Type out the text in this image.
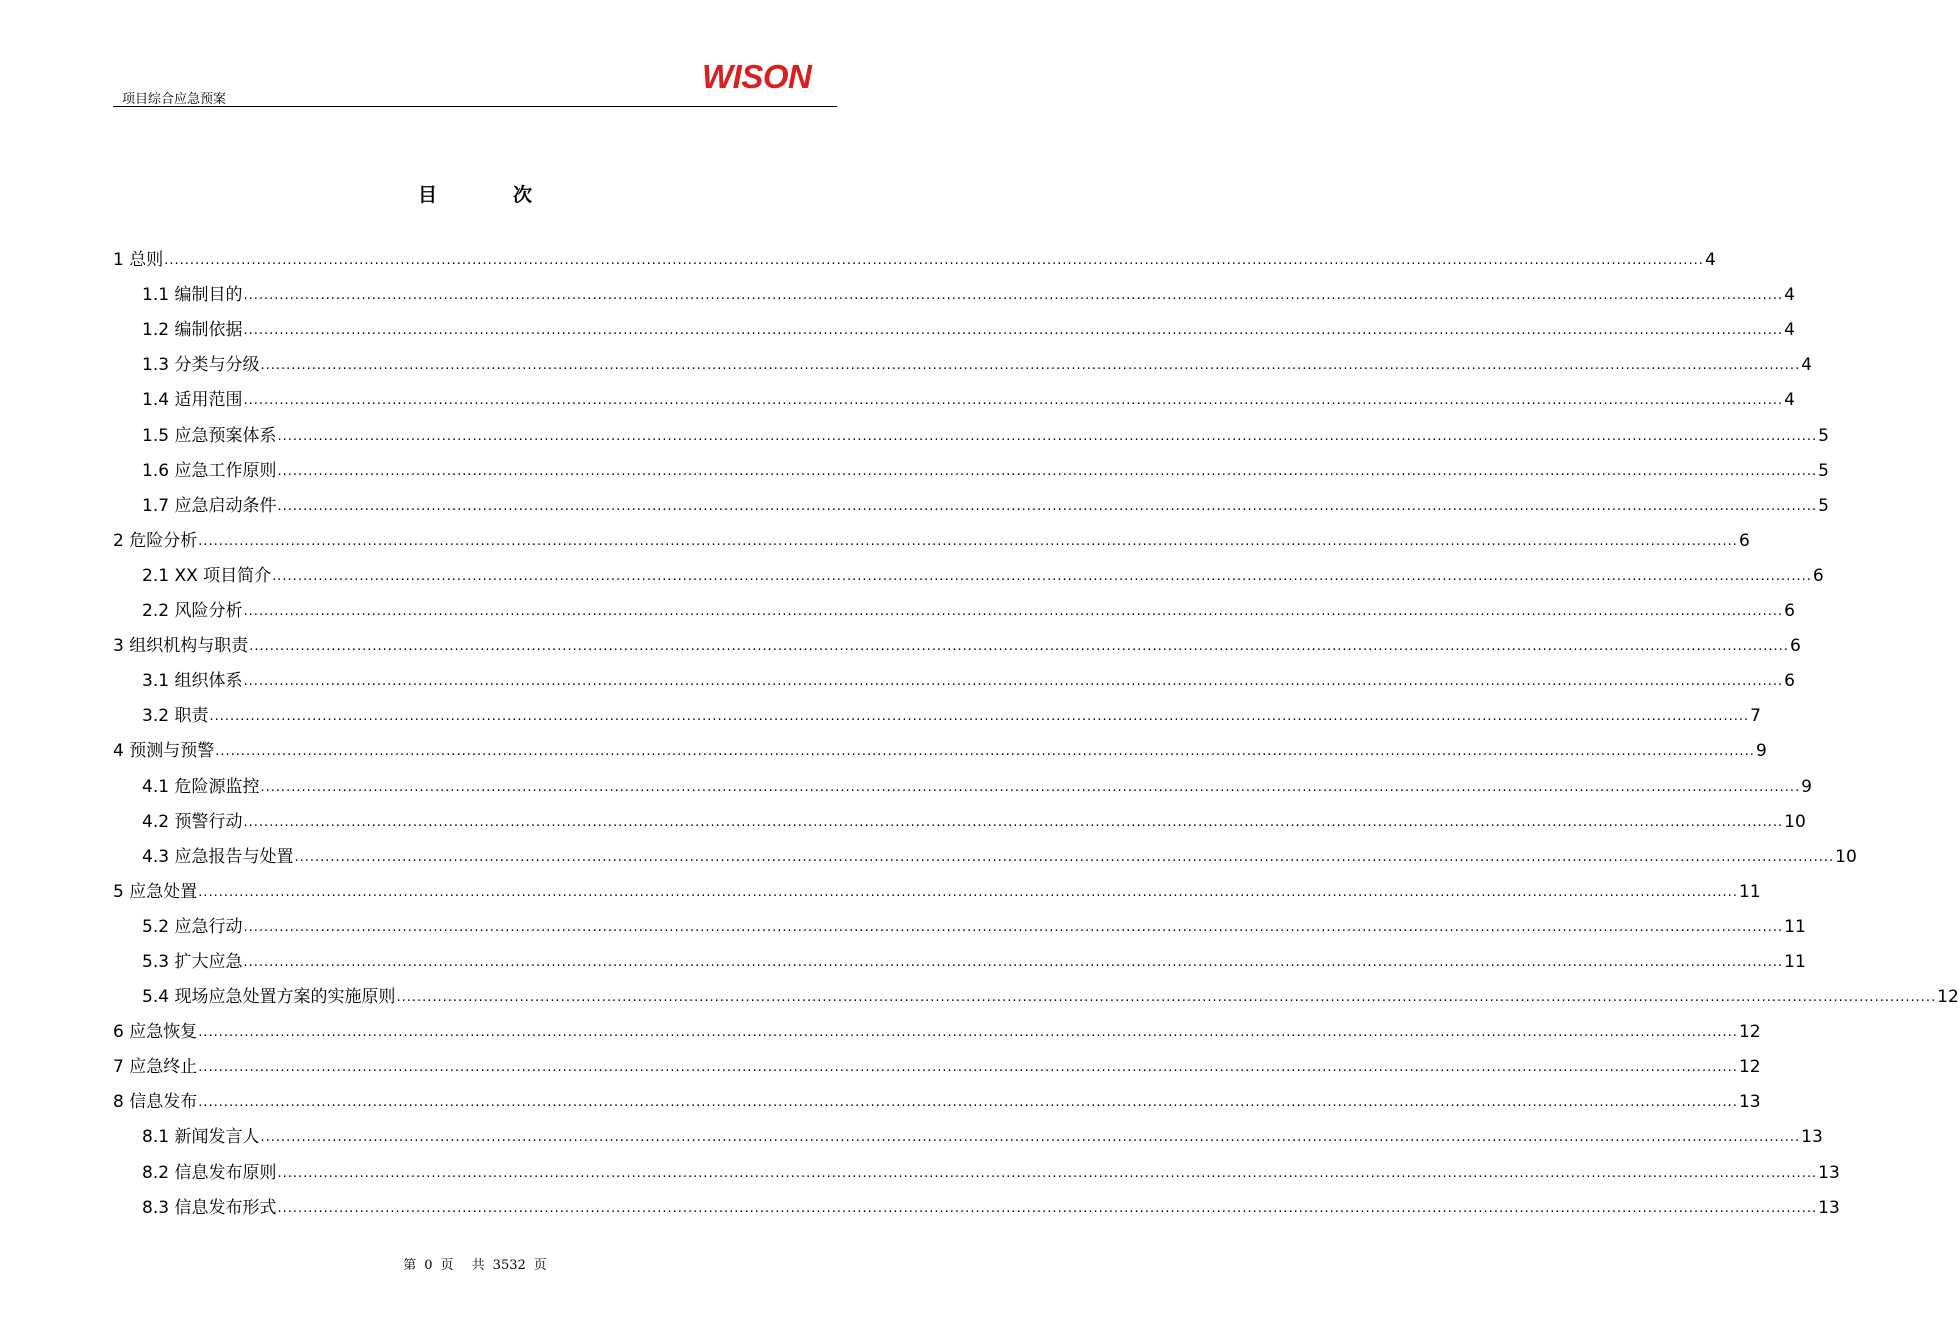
项目综合应急预案
WISON
目	次
1 总则 ............................................................................................................................................................................................................................................................................................................ 4
1.1 编制目的 ............................................................................................................................................................................................................................................................................................................ 4
1.2 编制依据 ............................................................................................................................................................................................................................................................................................................ 4
1.3 分类与分级 ............................................................................................................................................................................................................................................................................................................ 4
1.4 适用范围 ............................................................................................................................................................................................................................................................................................................ 4
1.5 应急预案体系 ............................................................................................................................................................................................................................................................................................................ 5
1.6 应急工作原则 ............................................................................................................................................................................................................................................................................................................ 5
1.7 应急启动条件 ............................................................................................................................................................................................................................................................................................................ 5
2 危险分析 ............................................................................................................................................................................................................................................................................................................ 6
2.1 XX 项目简介 ............................................................................................................................................................................................................................................................................................................ 6
2.2 风险分析 ............................................................................................................................................................................................................................................................................................................ 6
3 组织机构与职责 ............................................................................................................................................................................................................................................................................................................ 6
3.1 组织体系 ............................................................................................................................................................................................................................................................................................................ 6
3.2 职责 ............................................................................................................................................................................................................................................................................................................ 7
4 预测与预警 ............................................................................................................................................................................................................................................................................................................ 9
4.1 危险源监控 ............................................................................................................................................................................................................................................................................................................ 9
4.2 预警行动 ............................................................................................................................................................................................................................................................................................................ 10
4.3 应急报告与处置 ............................................................................................................................................................................................................................................................................................................ 10
5 应急处置 ............................................................................................................................................................................................................................................................................................................ 11
5.2 应急行动 ............................................................................................................................................................................................................................................................................................................ 11
5.3 扩大应急 ............................................................................................................................................................................................................................................................................................................ 11
5.4 现场应急处置方案的实施原则 ............................................................................................................................................................................................................................................................................................................ 12
6 应急恢复 ............................................................................................................................................................................................................................................................................................................ 12
7 应急终止 ............................................................................................................................................................................................................................................................................................................ 12
8 信息发布 ............................................................................................................................................................................................................................................................................................................ 13
8.1 新闻发言人 ............................................................................................................................................................................................................................................................................................................ 13
8.2 信息发布原则 ............................................................................................................................................................................................................................................................................................................ 13
8.3 信息发布形式 ............................................................................................................................................................................................................................................................................................................ 13
第 0 页 共 3532 页
